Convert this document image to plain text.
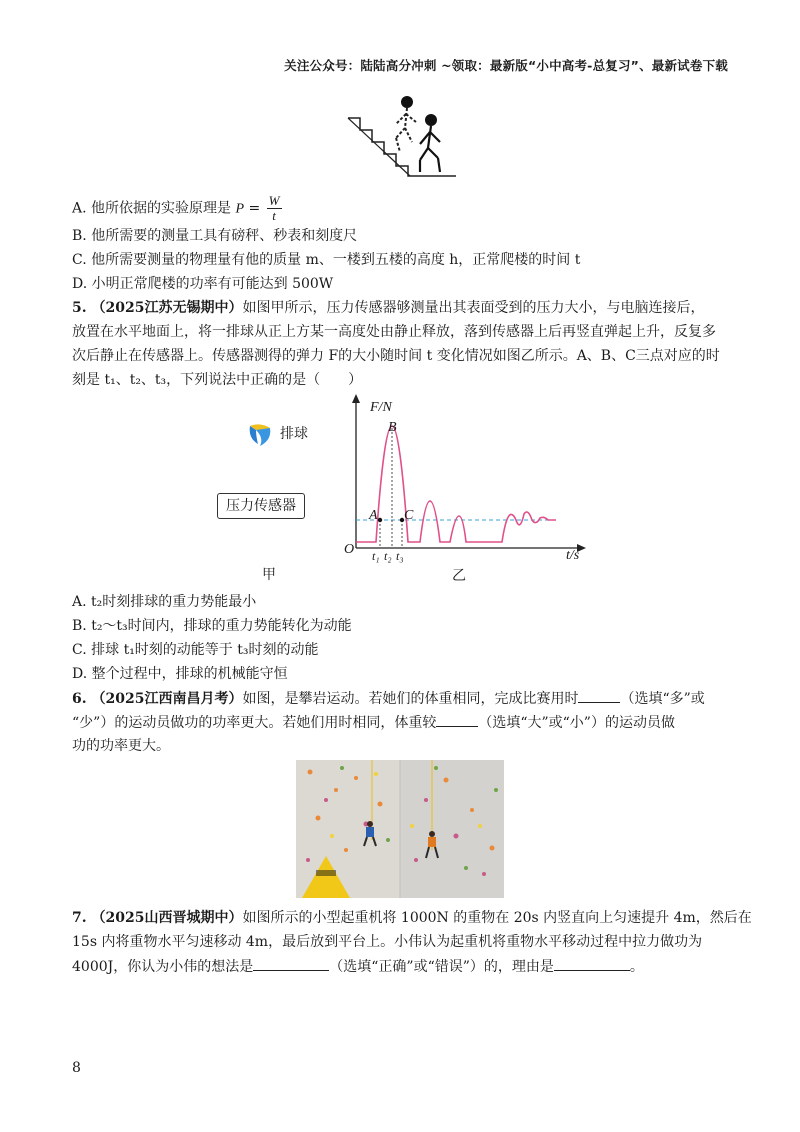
关注公众号：陆陆高分冲刺 ~领取：最新版“小中高考-总复习”、最新试卷下载
A. 他所依据的实验原理是 $P = \frac{W}{t}$
B. 他所需要的测量工具有磅秤、秒表和刻度尺
C. 他所需要测量的物理量有他的质量 m、一楼到五楼的高度 h，正常爬楼的时间 t
D. 小明正常爬楼的功率有可能达到 500W
5. （2025江苏无锡期中）如图甲所示，压力传感器够测量出其表面受到的压力大小，与电脑连接后，
放置在水平地面上，将一排球从正上方某一高度处由静止释放，落到传感器上后再竖直弹起上升，反复多
次后静止在传感器上。传感器测得的弹力 F的大小随时间 t 变化情况如图乙所示。A、B、C三点对应的时
刻是 t₁、t₂、t₃，下列说法中正确的是（　　）
排球
压力传感器
甲
F/N
B
A C
O t₁ t₂ t₃	t/s
乙
A. t₂时刻排球的重力势能最小
B. t₂～t₃时间内，排球的重力势能转化为动能
C. 排球 t₁时刻的动能等于 t₃时刻的动能
D. 整个过程中，排球的机械能守恒
6. （2025江西南昌月考）如图，是攀岩运动。若她们的体重相同，完成比赛用时	（选填“多”或
“少”）的运动员做功的功率更大。若她们用时相同，体重较	（选填“大”或“小”）的运动员做
功的功率更大。
7. （2025山西晋城期中）如图所示的小型起重机将 1000N 的重物在 20s 内竖直向上匀速提升 4m，然后在
15s 内将重物水平匀速移动 4m，最后放到平台上。小伟认为起重机将重物水平移动过程中拉力做功为
4000J，你认为小伟的想法是	（选填“正确”或“错误”）的，理由是	。
8
